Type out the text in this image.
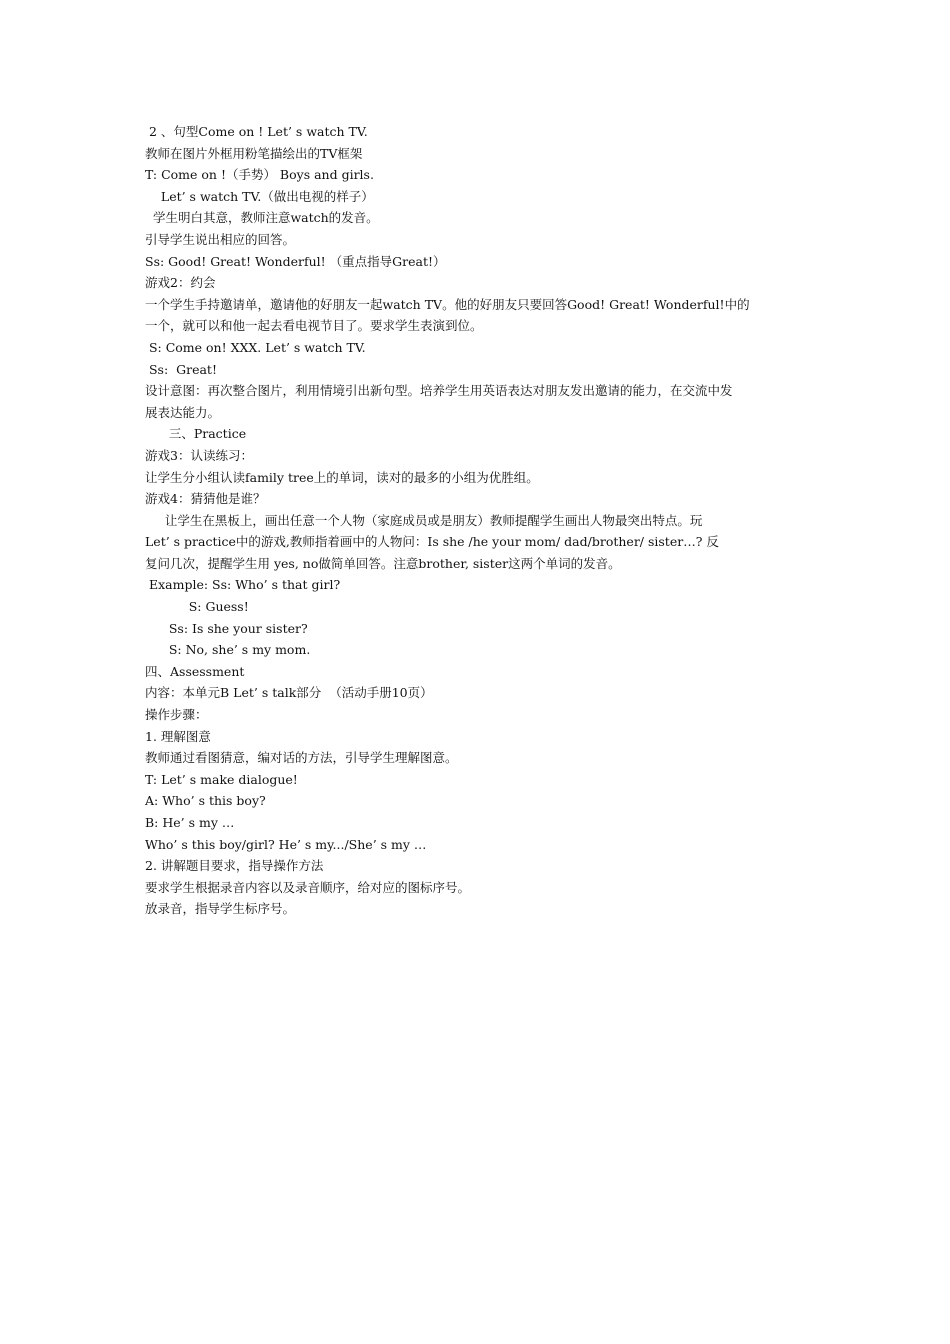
2 、句型Come on ! Let’ s watch TV.
教师在图片外框用粉笔描绘出的TV框架
T: Come on !（手势） Boys and girls.
Let’ s watch TV.（做出电视的样子）
学生明白其意，教师注意watch的发音。
引导学生说出相应的回答。
Ss: Good! Great! Wonderful! （重点指导Great!）
游戏2：约会
一个学生手持邀请单，邀请他的好朋友一起watch TV。他的好朋友只要回答Good! Great! Wonderful!中的
一个，就可以和他一起去看电视节目了。要求学生表演到位。
S: Come on! XXX. Let’ s watch TV.
Ss:  Great!
设计意图：再次整合图片，利用情境引出新句型。培养学生用英语表达对朋友发出邀请的能力，在交流中发
展表达能力。
三、Practice
游戏3：认读练习：
让学生分小组认读family tree上的单词，读对的最多的小组为优胜组。
游戏4：猜猜他是谁？
让学生在黑板上，画出任意一个人物（家庭成员或是朋友）教师提醒学生画出人物最突出特点。玩
Let’ s practice中的游戏,教师指着画中的人物问：Is she /he your mom/ dad/brother/ sister…? 反
复问几次，提醒学生用 yes, no做简单回答。注意brother, sister这两个单词的发音。
Example: Ss: Who’ s that girl?
S: Guess!
Ss: Is she your sister?
S: No, she’ s my mom.
四、Assessment
内容：本单元B Let’ s talk部分  （活动手册10页）
操作步骤：
1. 理解图意
教师通过看图猜意，编对话的方法，引导学生理解图意。
T: Let’ s make dialogue!
A: Who’ s this boy?
B: He’ s my …
Who’ s this boy/girl? He’ s my.../She’ s my …
2. 讲解题目要求，指导操作方法
要求学生根据录音内容以及录音顺序，给对应的图标序号。
放录音，指导学生标序号。
